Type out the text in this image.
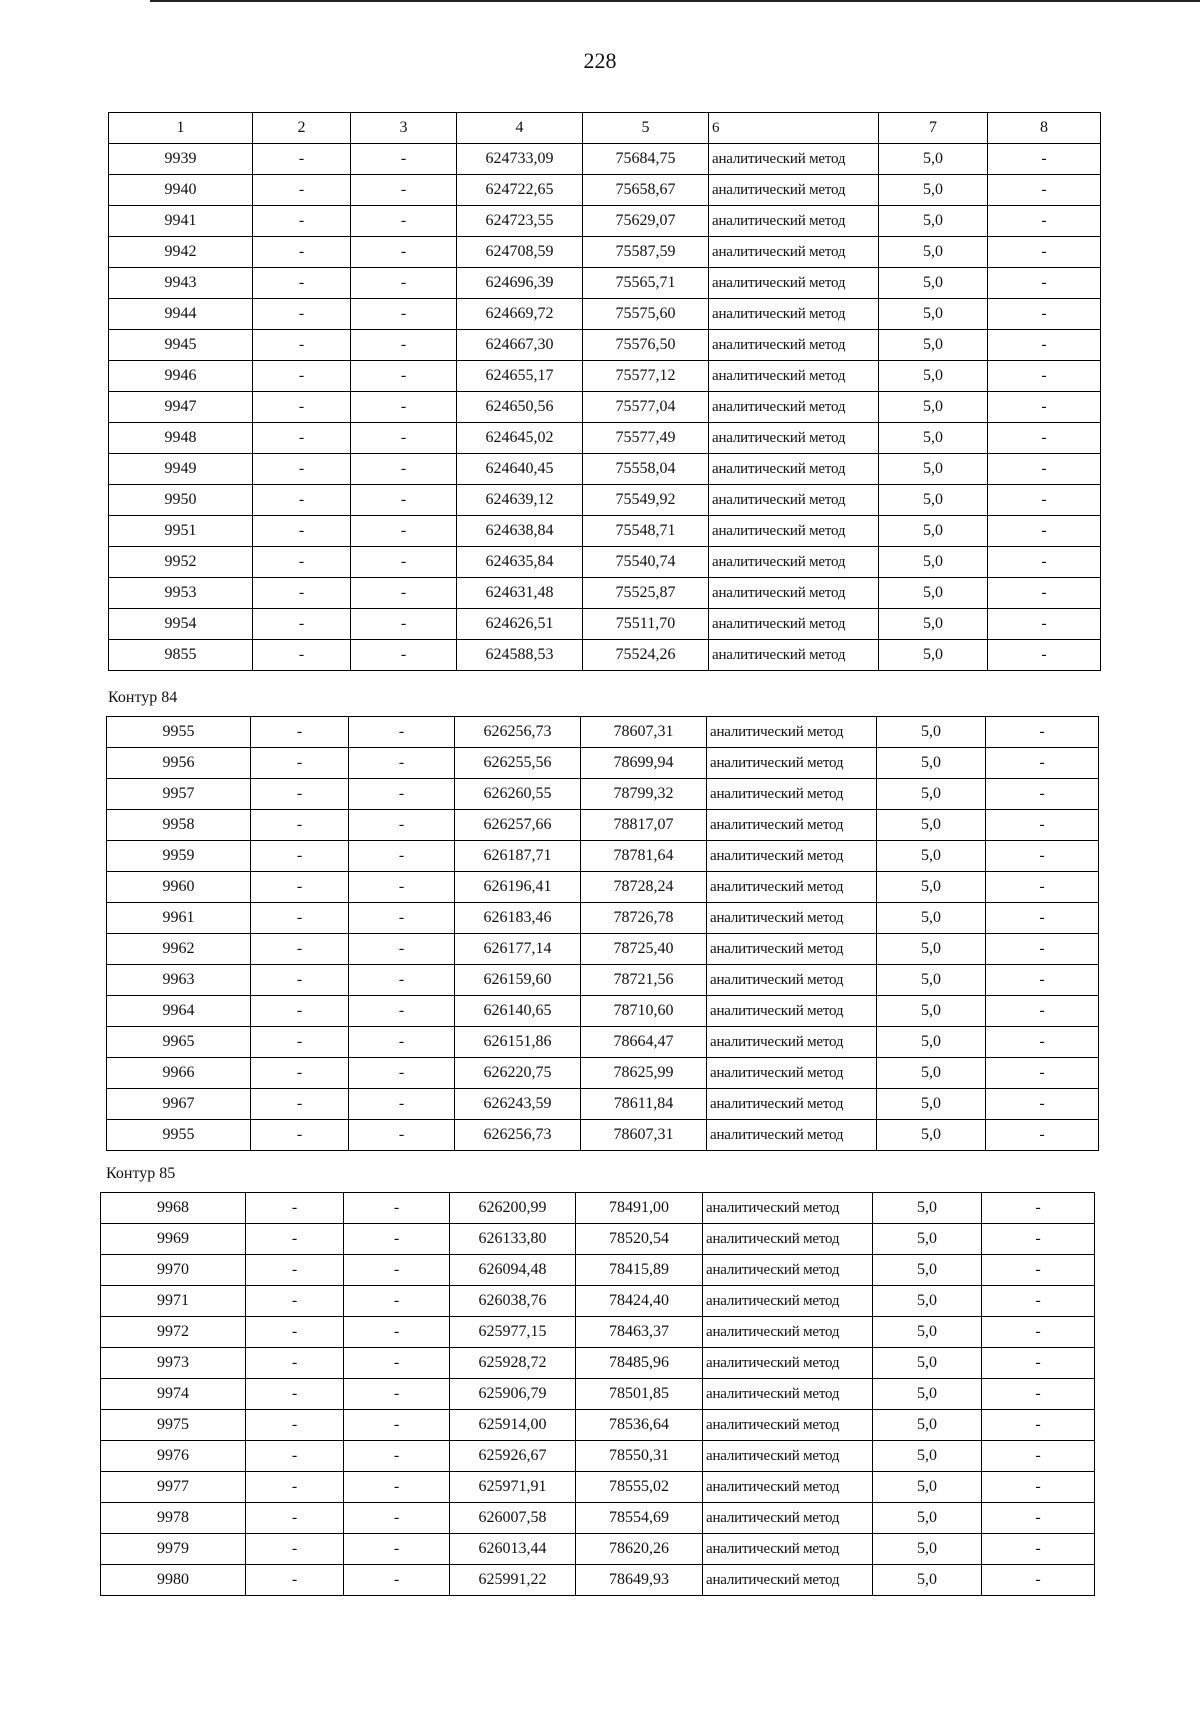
228
1	2	3	4	5	6	7	8
9939	-	-	624733,09	75684,75	аналитический метод	5,0	-
9940	-	-	624722,65	75658,67	аналитический метод	5,0	-
9941	-	-	624723,55	75629,07	аналитический метод	5,0	-
9942	-	-	624708,59	75587,59	аналитический метод	5,0	-
9943	-	-	624696,39	75565,71	аналитический метод	5,0	-
9944	-	-	624669,72	75575,60	аналитический метод	5,0	-
9945	-	-	624667,30	75576,50	аналитический метод	5,0	-
9946	-	-	624655,17	75577,12	аналитический метод	5,0	-
9947	-	-	624650,56	75577,04	аналитический метод	5,0	-
9948	-	-	624645,02	75577,49	аналитический метод	5,0	-
9949	-	-	624640,45	75558,04	аналитический метод	5,0	-
9950	-	-	624639,12	75549,92	аналитический метод	5,0	-
9951	-	-	624638,84	75548,71	аналитический метод	5,0	-
9952	-	-	624635,84	75540,74	аналитический метод	5,0	-
9953	-	-	624631,48	75525,87	аналитический метод	5,0	-
9954	-	-	624626,51	75511,70	аналитический метод	5,0	-
9855	-	-	624588,53	75524,26	аналитический метод	5,0	-
Контур 84
9955	-	-	626256,73	78607,31	аналитический метод	5,0	-
9956	-	-	626255,56	78699,94	аналитический метод	5,0	-
9957	-	-	626260,55	78799,32	аналитический метод	5,0	-
9958	-	-	626257,66	78817,07	аналитический метод	5,0	-
9959	-	-	626187,71	78781,64	аналитический метод	5,0	-
9960	-	-	626196,41	78728,24	аналитический метод	5,0	-
9961	-	-	626183,46	78726,78	аналитический метод	5,0	-
9962	-	-	626177,14	78725,40	аналитический метод	5,0	-
9963	-	-	626159,60	78721,56	аналитический метод	5,0	-
9964	-	-	626140,65	78710,60	аналитический метод	5,0	-
9965	-	-	626151,86	78664,47	аналитический метод	5,0	-
9966	-	-	626220,75	78625,99	аналитический метод	5,0	-
9967	-	-	626243,59	78611,84	аналитический метод	5,0	-
9955	-	-	626256,73	78607,31	аналитический метод	5,0	-
Контур 85
9968	-	-	626200,99	78491,00	аналитический метод	5,0	-
9969	-	-	626133,80	78520,54	аналитический метод	5,0	-
9970	-	-	626094,48	78415,89	аналитический метод	5,0	-
9971	-	-	626038,76	78424,40	аналитический метод	5,0	-
9972	-	-	625977,15	78463,37	аналитический метод	5,0	-
9973	-	-	625928,72	78485,96	аналитический метод	5,0	-
9974	-	-	625906,79	78501,85	аналитический метод	5,0	-
9975	-	-	625914,00	78536,64	аналитический метод	5,0	-
9976	-	-	625926,67	78550,31	аналитический метод	5,0	-
9977	-	-	625971,91	78555,02	аналитический метод	5,0	-
9978	-	-	626007,58	78554,69	аналитический метод	5,0	-
9979	-	-	626013,44	78620,26	аналитический метод	5,0	-
9980	-	-	625991,22	78649,93	аналитический метод	5,0	-
